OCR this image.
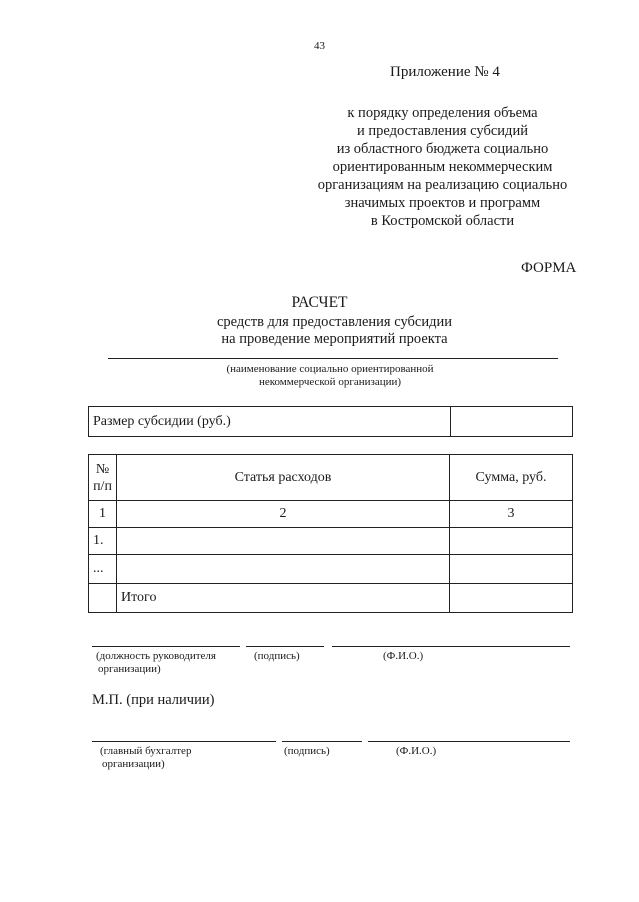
43
Приложение № 4
к порядку определения объема
и предоставления субсидий
из областного бюджета социально
ориентированным некоммерческим
организациям на реализацию социально
значимых проектов и программ
в Костромской области
ФОРМА
РАСЧЕТ
средств для предоставления субсидии
на проведение мероприятий проекта
(наименование социально ориентированной
некоммерческой организации)
Размер субсидии (руб.)	
№
п/п	Статья расходов	Сумма, руб.
1	2	3
1.		
...		
	Итого	
(должность руководителя
организации)
(подпись)	(Ф.И.О.)
М.П. (при наличии)
(главный бухгалтер
организации)
(подпись)	(Ф.И.О.)
